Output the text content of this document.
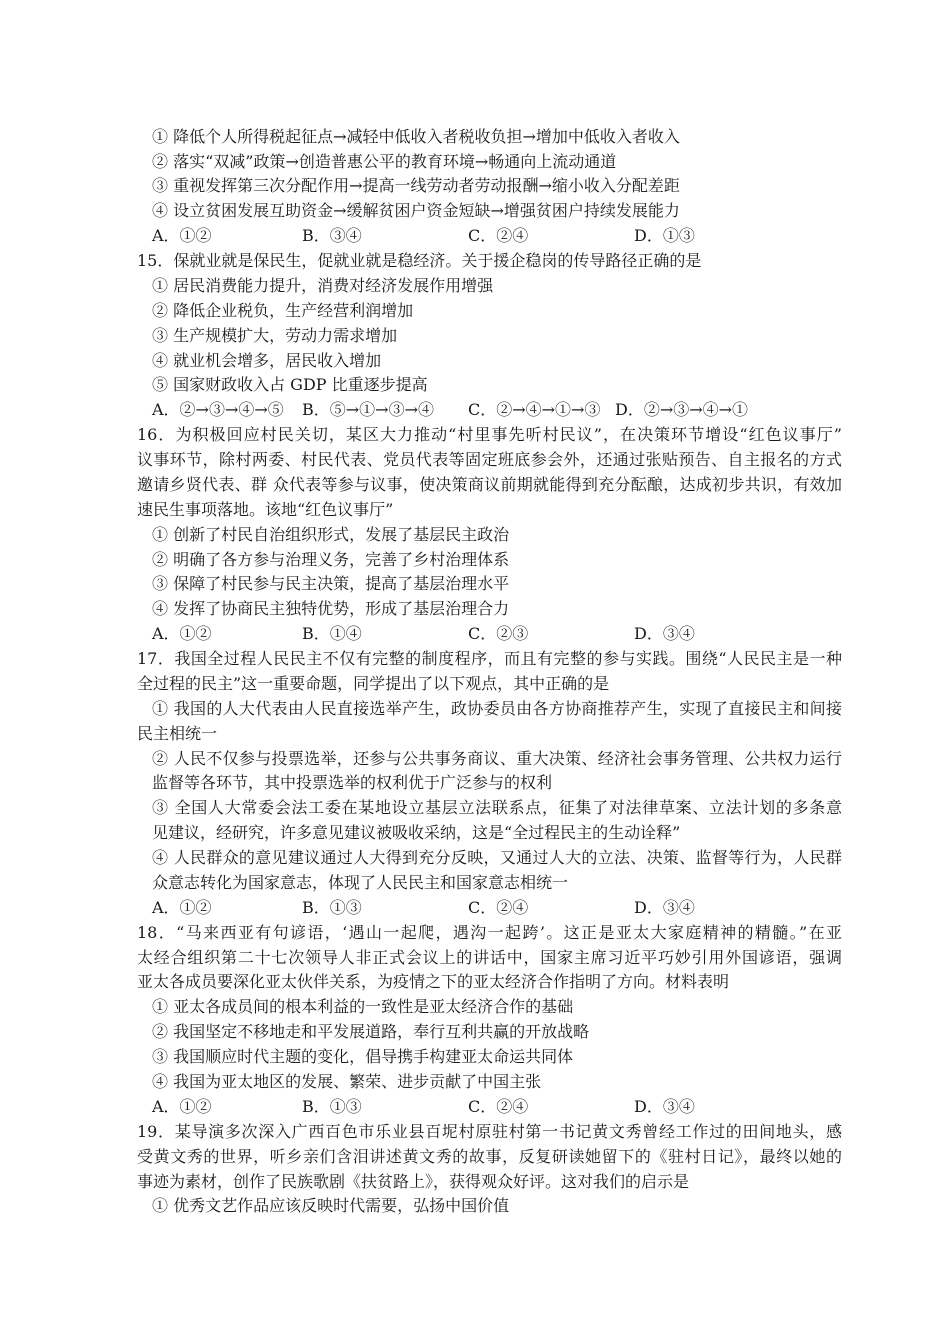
① 降低个人所得税起征点→减轻中低收入者税收负担→增加中低收入者收入
② 落实“双减”政策→创造普惠公平的教育环境→畅通向上流动通道
③ 重视发挥第三次分配作用→提高一线劳动者劳动报酬→缩小收入分配差距
④ 设立贫困发展互助资金→缓解贫困户资金短缺→增强贫困户持续发展能力
A．①②	B．③④	C．②④	D．①③
15．保就业就是保民生，促就业就是稳经济。关于援企稳岗的传导路径正确的是
① 居民消费能力提升，消费对经济发展作用增强
② 降低企业税负，生产经营利润增加
③ 生产规模扩大，劳动力需求增加
④ 就业机会增多，居民收入增加
⑤ 国家财政收入占 GDP 比重逐步提高
A．②→③→④→⑤ B．⑤→①→③→④ C．②→④→①→③ D．②→③→④→①
16．为积极回应村民关切，某区大力推动“村里事先听村民议”，在决策环节增设“红色议事厅”
议事环节，除村两委、村民代表、党员代表等固定班底参会外，还通过张贴预告、自主报名的方式
邀请乡贤代表、群 众代表等参与议事，使决策商议前期就能得到充分酝酿，达成初步共识，有效加
速民生事项落地。该地“红色议事厅”
① 创新了村民自治组织形式，发展了基层民主政治
② 明确了各方参与治理义务，完善了乡村治理体系
③ 保障了村民参与民主决策，提高了基层治理水平
④ 发挥了协商民主独特优势，形成了基层治理合力
A．①②	B．①④	C．②③	D．③④
17．我国全过程人民民主不仅有完整的制度程序，而且有完整的参与实践。围绕“人民民主是一种
全过程的民主”这一重要命题，同学提出了以下观点，其中正确的是
① 我国的人大代表由人民直接选举产生，政协委员由各方协商推荐产生，实现了直接民主和间接
民主相统一
② 人民不仅参与投票选举，还参与公共事务商议、重大决策、经济社会事务管理、公共权力运行
监督等各环节，其中投票选举的权利优于广泛参与的权利
③ 全国人大常委会法工委在某地设立基层立法联系点，征集了对法律草案、立法计划的多条意
见建议，经研究，许多意见建议被吸收采纳，这是“全过程民主的生动诠释”
④ 人民群众的意见建议通过人大得到充分反映，又通过人大的立法、决策、监督等行为，人民群
众意志转化为国家意志，体现了人民民主和国家意志相统一
A．①②	B．①③	C．②④	D．③④
18．“马来西亚有句谚语，‘遇山一起爬，遇沟一起跨’。这正是亚太大家庭精神的精髓。”在亚
太经合组织第二十七次领导人非正式会议上的讲话中，国家主席习近平巧妙引用外国谚语，强调
亚太各成员要深化亚太伙伴关系，为疫情之下的亚太经济合作指明了方向。材料表明
① 亚太各成员间的根本利益的一致性是亚太经济合作的基础
② 我国坚定不移地走和平发展道路，奉行互利共赢的开放战略
③ 我国顺应时代主题的变化，倡导携手构建亚太命运共同体
④ 我国为亚太地区的发展、繁荣、进步贡献了中国主张
A．①②	B．①③	C．②④	D．③④
19．某导演多次深入广西百色市乐业县百坭村原驻村第一书记黄文秀曾经工作过的田间地头，感
受黄文秀的世界，听乡亲们含泪讲述黄文秀的故事，反复研读她留下的《驻村日记》，最终以她的
事迹为素材，创作了民族歌剧《扶贫路上》，获得观众好评。这对我们的启示是
① 优秀文艺作品应该反映时代需要，弘扬中国价值
